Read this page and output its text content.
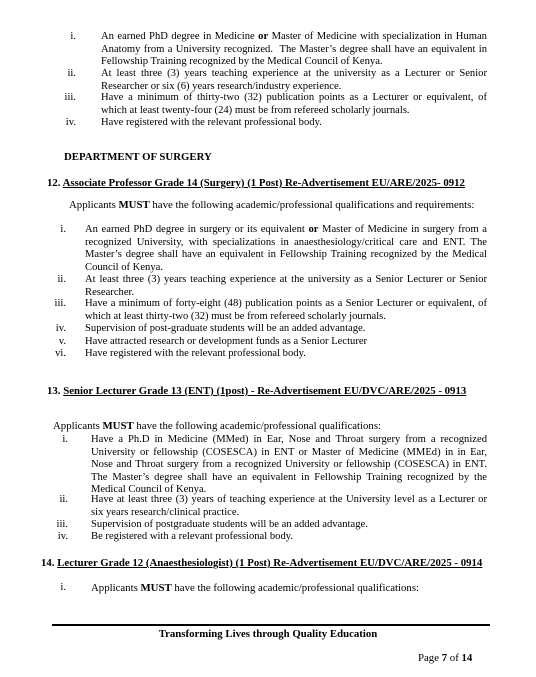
i. An earned PhD degree in Medicine or Master of Medicine with specialization in Human Anatomy from a University recognized.  The Master’s degree shall have an equivalent in Fellowship Training recognized by the Medical Council of Kenya.
ii. At least three (3) years teaching experience at the university as a Lecturer or Senior Researcher or six (6) years research/industry experience.
iii. Have a minimum of thirty-two (32) publication points as a Lecturer or equivalent, of which at least twenty-four (24) must be from refereed scholarly journals.
iv. Have registered with the relevant professional body.
DEPARTMENT OF SURGERY
12. Associate Professor Grade 14 (Surgery) (1 Post) Re-Advertisement EU/ARE/2025- 0912
Applicants MUST have the following academic/professional qualifications and requirements:
i. An earned PhD degree in surgery or its equivalent or Master of Medicine in surgery from a recognized University, with specializations in anaesthesiology/critical care and ENT. The Master’s degree shall have an equivalent in Fellowship Training recognized by the Medical Council of Kenya.
ii. At least three (3) years teaching experience at the university as a Senior Lecturer or Senior Researcher.
iii. Have a minimum of forty-eight (48) publication points as a Senior Lecturer or equivalent, of which at least thirty-two (32) must be from refereed scholarly journals.
iv. Supervision of post-graduate students will be an added advantage.
v. Have attracted research or development funds as a Senior Lecturer
vi. Have registered with the relevant professional body.
13. Senior Lecturer Grade 13 (ENT) (1post) - Re-Advertisement EU/DVC/ARE/2025 - 0913
Applicants MUST have the following academic/professional qualifications:
i. Have a Ph.D in Medicine (MMed) in Ear, Nose and Throat surgery from a recognized University or fellowship (COSESCA) in ENT or Master of Medicine (MMEd) in in Ear, Nose and Throat surgery from a recognized University or fellowship (COSESCA) in ENT. The Master’s degree shall have an equivalent in Fellowship Training recognized by the Medical Council of Kenya.
ii. Have at least three (3) years of teaching experience at the University level as a Lecturer or six years research/clinical practice.
iii. Supervision of postgraduate students will be an added advantage.
iv. Be registered with a relevant professional body.
14. Lecturer Grade 12 (Anaesthesiologist) (1 Post) Re-Advertisement EU/DVC/ARE/2025 - 0914
i. Applicants MUST have the following academic/professional qualifications:
Transforming Lives through Quality Education
Page 7 of 14
